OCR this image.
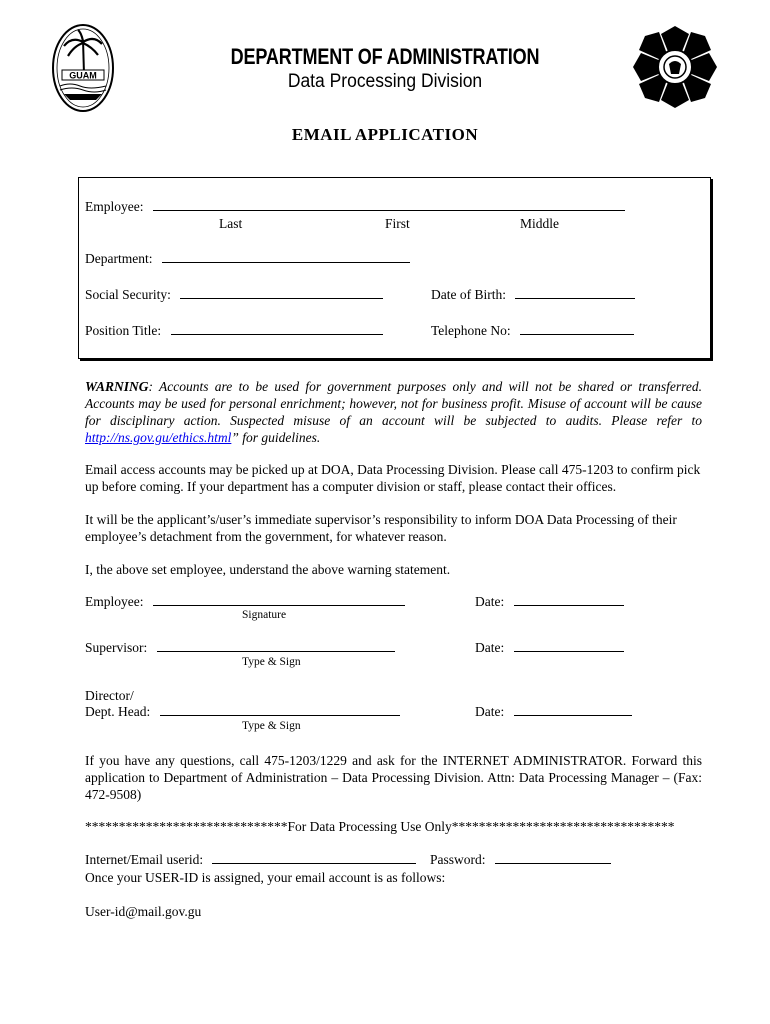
GUAM
DEPARTMENT OF ADMINISTRATION
Data Processing Division
EMAIL APPLICATION
Employee:
Last	First	Middle
Department:
Social Security:	Date of Birth:
Position Title:	Telephone No:
WARNING: Accounts are to be used for government purposes only and will not be shared or transferred. Accounts may be used for personal enrichment; however, not for business profit. Misuse of account will be cause for disciplinary action. Suspected misuse of an account will be subjected to audits. Please refer to http://ns.gov.gu/ethics.html” for guidelines.
Email access accounts may be picked up at DOA, Data Processing Division. Please call 475-1203 to confirm pick up before coming. If your department has a computer division or staff, please contact their offices.
It will be the applicant’s/user’s immediate supervisor’s responsibility to inform DOA Data Processing of their employee’s detachment from the government, for whatever reason.
I, the above set employee, understand the above warning statement.
Employee:
Signature
Date:
Supervisor:
Type & Sign
Date:
Director/
Dept. Head:
Type & Sign
Date:
If you have any questions, call 475-1203/1229 and ask for the INTERNET ADMINISTRATOR. Forward this application to Department of Administration – Data Processing Division. Attn: Data Processing Manager – (Fax: 472-9508)
******************************For Data Processing Use Only*********************************
Internet/Email userid:	Password:
Once your USER-ID is assigned, your email account is as follows:
User-id@mail.gov.gu
